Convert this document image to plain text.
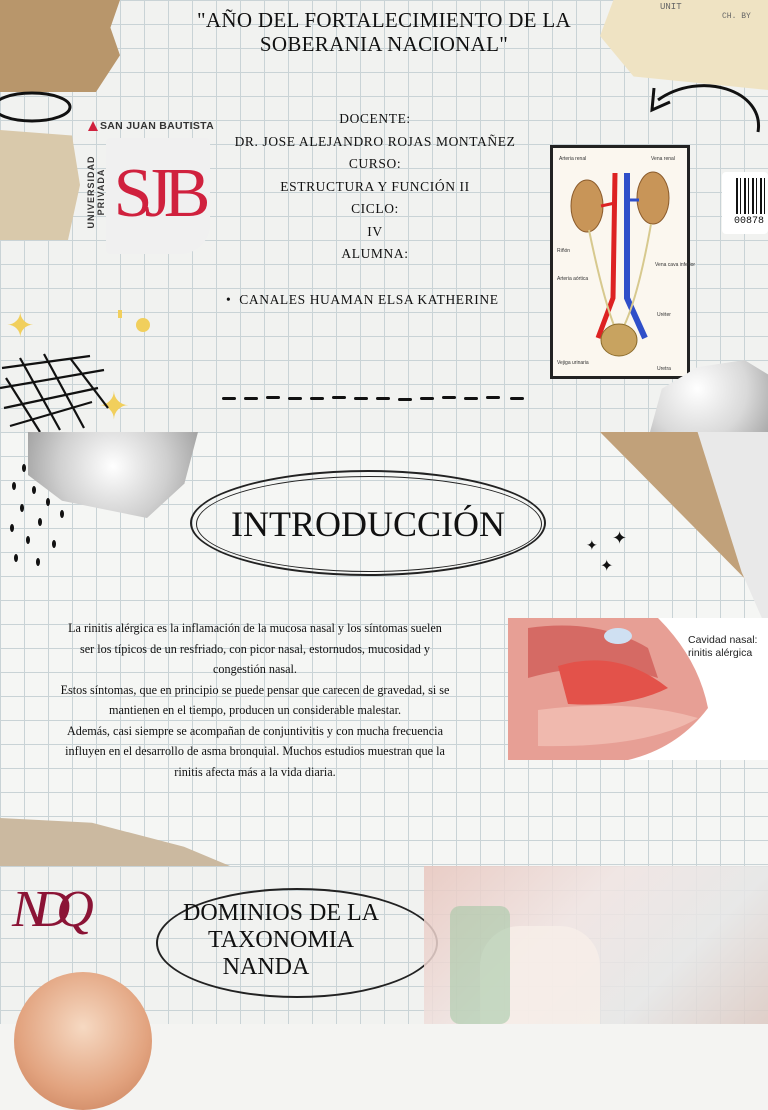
UNIT
CH. BY
00878
"AÑO DEL FORTALECIMIENTO DE LA
SOBERANIA NACIONAL"
SAN JUAN BAUTISTA
UNIVERSIDAD PRIVADA SJB
DOCENTE:
DR. JOSE ALEJANDRO ROJAS MONTAÑEZ
CURSO:
ESTRUCTURA Y FUNCIÓN II
CICLO:
IV
ALUMNA:
•  CANALES HUAMAN ELSA KATHERINE
Arteria renal	Vena renal
Riñón
Vena cava inferior
Arteria aórtica
Uréter
Vejiga urinaria
Uretra
✦
✦
✦ ✦
✦
INTRODUCCIÓN
La rinitis alérgica es la inflamación de la mucosa nasal y los síntomas suelen
ser los típicos de un resfriado, con picor nasal, estornudos, mucosidad y
congestión nasal.
Estos síntomas, que en principio se puede pensar que carecen de gravedad, si se
mantienen en el tiempo, producen un considerable malestar.
Además, casi siempre se acompañan de conjuntivitis y con mucha frecuencia
influyen en el desarrollo de asma bronquial. Muchos estudios muestran que la
rinitis afecta más a la vida diaria.
Cavidad nasal:
rinitis alérgica
NDQ	DOMINIOS DE LA
TAXONOMIA
NANDA
